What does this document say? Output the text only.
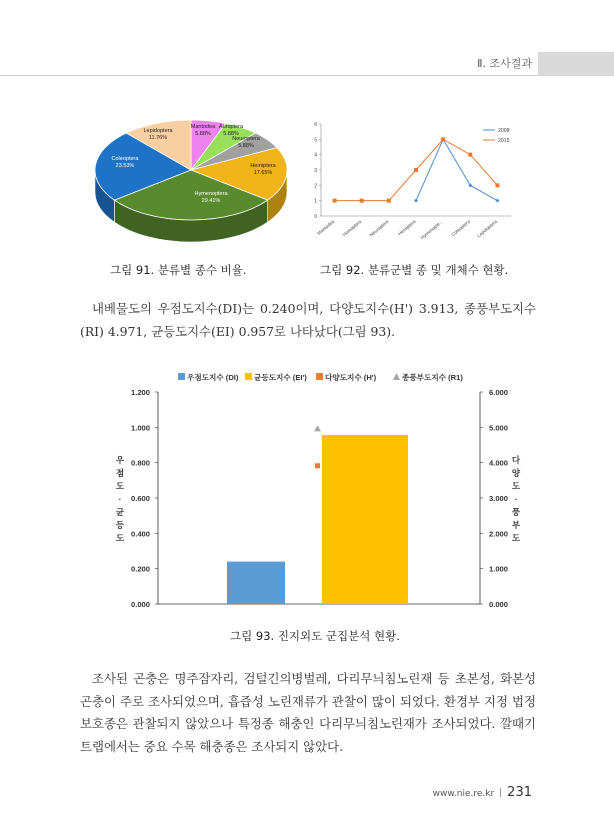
Ⅱ. 조사결과
Mantodea
5.88%
Auroptera
5.88%
Neuroptera
5.88%
Hemiptera
17.65%
Hymenoptera
29.41%
Coleoptera
23.53%
Lepidoptera
11.76%
그림 91. 분류별 종수 비율.
0
1
2
3
4
5
6
Mantodea Homoptera Neuroptera Hemiptera Hymenopte... Coleoptera Lepidoptera
2008
2015
그림 92. 분류군별 종 및 개체수 현황.

내베물도의 우점도지수(DI)는 0.240이며, 다양도지수(H') 3.913, 종풍부도지수(RI) 4.971, 균등도지수(EI) 0.957로 나타났다(그림 93).

우점도지수 (DI) 균등도지수 (EI') 다양도지수 (H')	종풍부도지수 (R1)
0.000
0.200
0.400
0.600
0.800
1.000
1.200
0.000
1.000
2.000
3.000
4.000
5.000
6.000
우
점
도
·
균
등
도
다
양
도
·
풍
부
도
그림 93. 진지외도 군집분석 현황.

조사된 곤충은 명주잠자리, 검털긴의병벌레, 다리무늬침노린재 등 초본성, 화본성 곤충이 주로 조사되었으며, 흡즙성 노린재류가 관찰이 많이 되었다. 환경부 지정 법정보호종은 관찰되지 않았으나 특정종 해충인 다리무늬침노린재가 조사되었다. 깔때기트랩에서는 중요 수목 해충종은 조사되지 않았다.

www.nie.re.kr 231
